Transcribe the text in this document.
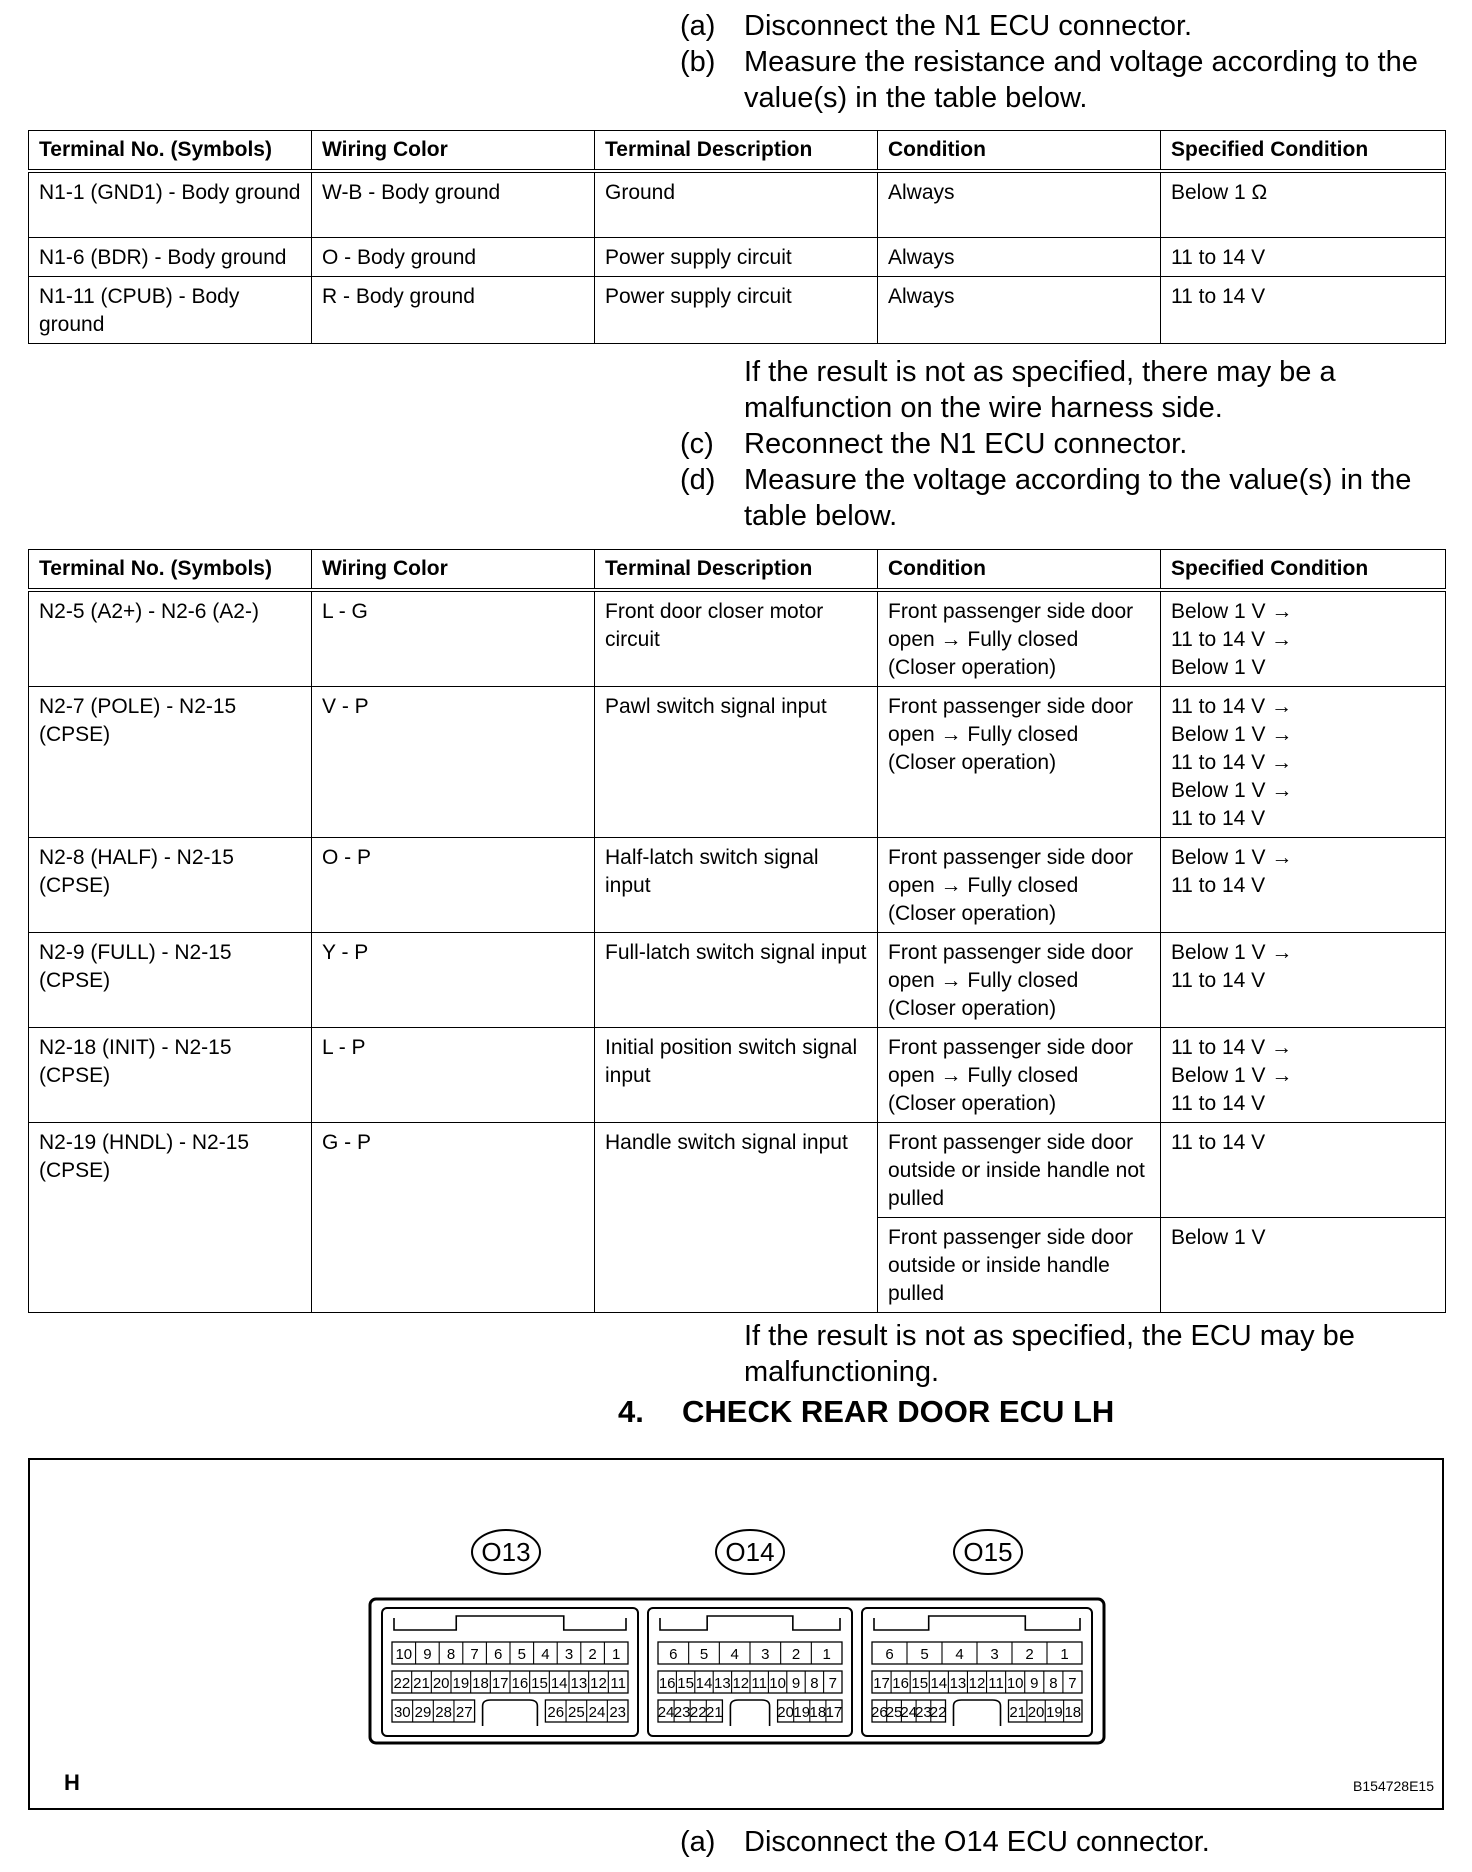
(a) Disconnect the N1 ECU connector.
(b) Measure the resistance and voltage according to the value(s) in the table below.
Terminal No. (Symbols)	Wiring Color	Terminal Description	Condition	Specified Condition
N1-1 (GND1) - Body ground	W-B - Body ground	Ground	Always	Below 1 Ω
N1-6 (BDR) - Body ground	O - Body ground	Power supply circuit	Always	11 to 14 V
N1-11 (CPUB) - Body ground	R - Body ground	Power supply circuit	Always	11 to 14 V
If the result is not as specified, there may be a malfunction on the wire harness side.
(c) Reconnect the N1 ECU connector.
(d) Measure the voltage according to the value(s) in the table below.
Terminal No. (Symbols)	Wiring Color	Terminal Description	Condition	Specified Condition
N2-5 (A2+) - N2-6 (A2-)	L - G	Front door closer motor circuit	Front passenger side door open → Fully closed (Closer operation)	Below 1 V →
11 to 14 V →
Below 1 V
N2-7 (POLE) - N2-15 (CPSE)	V - P	Pawl switch signal input	Front passenger side door open → Fully closed (Closer operation)	11 to 14 V →
Below 1 V →
11 to 14 V →
Below 1 V →
11 to 14 V
N2-8 (HALF) - N2-15 (CPSE)	O - P	Half-latch switch signal input	Front passenger side door open → Fully closed (Closer operation)	Below 1 V →
11 to 14 V
N2-9 (FULL) - N2-15 (CPSE)	Y - P	Full-latch switch signal input	Front passenger side door open → Fully closed (Closer operation)	Below 1 V →
11 to 14 V
N2-18 (INIT) - N2-15 (CPSE)	L - P	Initial position switch signal input	Front passenger side door open → Fully closed (Closer operation)	11 to 14 V →
Below 1 V →
11 to 14 V
N2-19 (HNDL) - N2-15 (CPSE)	G - P	Handle switch signal input	Front passenger side door outside or inside handle not pulled	11 to 14 V
			Front passenger side door outside or inside handle pulled	Below 1 V
If the result is not as specified, the ECU may be malfunctioning.
4. CHECK REAR DOOR ECU LH
O13
10 9 8 7 6 5 4 3 2 1
22 21 20 19 18 17 16 15 14 13 12 11
30 29 28 27	26 25 24 23
O14
6 5 4 3 2 1
16 15 14 13 12 11 10 9 8 7
24 23 22 21	20 19 18 17
O15
6 5 4 3 2 1
17 16 15 14 13 12 11 10 9 8 7
26
25
24
23
22	21 20 19 18
H	B154728E15
(a) Disconnect the O14 ECU connector.
